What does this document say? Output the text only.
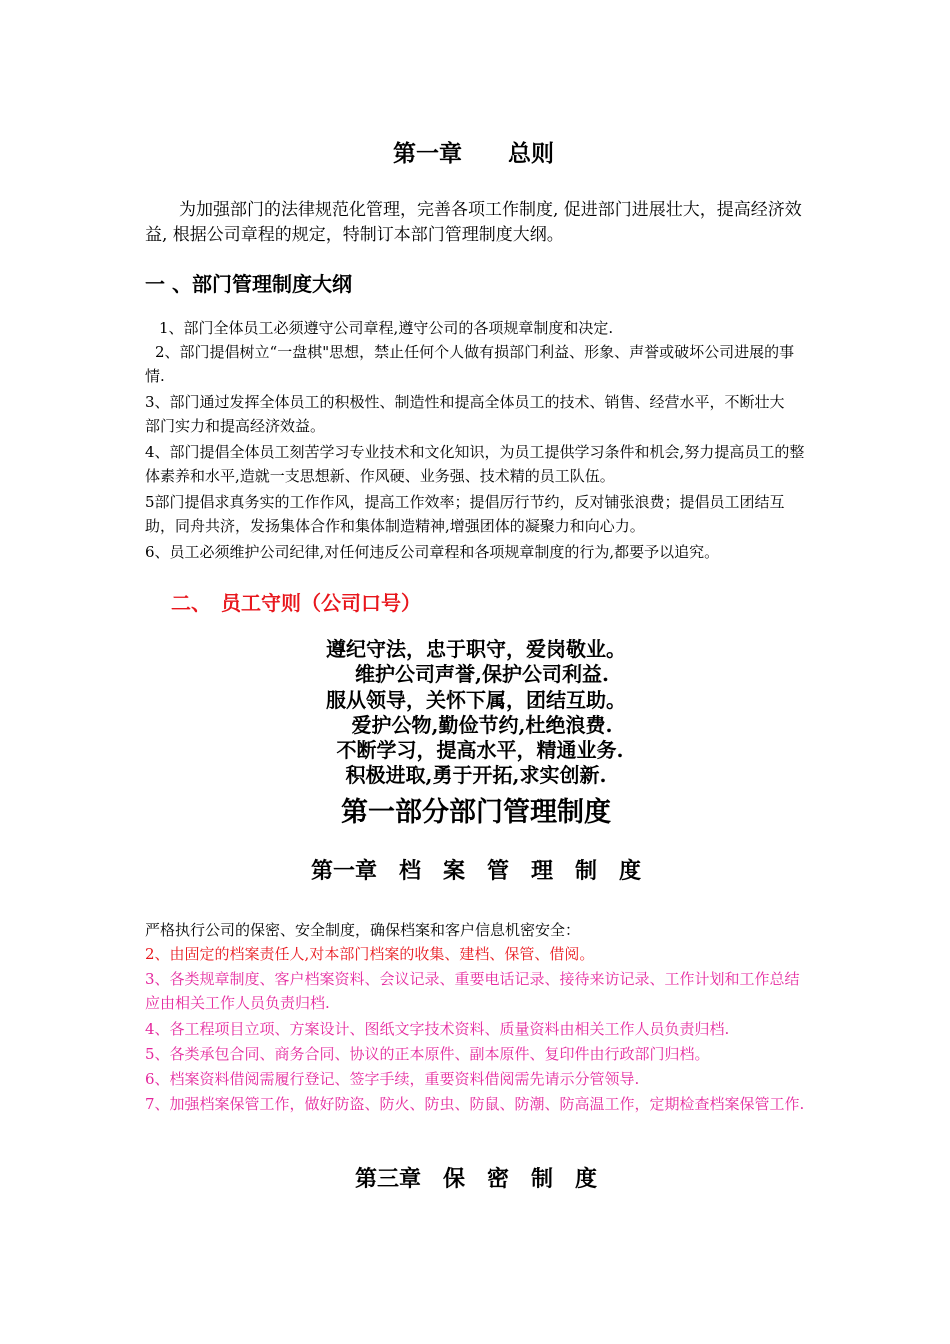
第一章　　总则
为加强部门的法律规范化管理，完善各项工作制度, 促进部门进展壮大，提高经济效益, 根据公司章程的规定，特制订本部门管理制度大纲。
一 、部门管理制度大纲
1、部门全体员工必须遵守公司章程,遵守公司的各项规章制度和决定.
2、部门提倡树立“一盘棋"思想，禁止任何个人做有损部门利益、形象、声誉或破坏公司进展的事情.
3、部门通过发挥全体员工的积极性、制造性和提高全体员工的技术、销售、经营水平，不断壮大部门实力和提高经济效益。
4、部门提倡全体员工刻苦学习专业技术和文化知识，为员工提供学习条件和机会,努力提高员工的整体素养和水平,造就一支思想新、作风硬、业务强、技术精的员工队伍。
5部门提倡求真务实的工作作风，提高工作效率；提倡厉行节约，反对铺张浪费；提倡员工团结互助，同舟共济，发扬集体合作和集体制造精神,增强团体的凝聚力和向心力。
6、员工必须维护公司纪律,对任何违反公司章程和各项规章制度的行为,都要予以追究。
二、　员工守则（公司口号）
遵纪守法，忠于职守，爱岗敬业。
维护公司声誉,保护公司利益.
服从领导，关怀下属，团结互助。
爱护公物,勤俭节约,杜绝浪费.
不断学习，提高水平，精通业务.
积极进取,勇于开拓,求实创新.
第一部分部门管理制度
第一章　档　案　管　理　制　度
严格执行公司的保密、安全制度，确保档案和客户信息机密安全：
2、由固定的档案责任人,对本部门档案的收集、建档、保管、借阅。
3、各类规章制度、客户档案资料、会议记录、重要电话记录、接待来访记录、工作计划和工作总结应由相关工作人员负责归档.
4、各工程项目立项、方案设计、图纸文字技术资料、质量资料由相关工作人员负责归档.
5、各类承包合同、商务合同、协议的正本原件、副本原件、复印件由行政部门归档。
6、档案资料借阅需履行登记、签字手续，重要资料借阅需先请示分管领导.
7、加强档案保管工作，做好防盗、防火、防虫、防鼠、防潮、防高温工作，定期检查档案保管工作.
第三章　保　密　制　度
